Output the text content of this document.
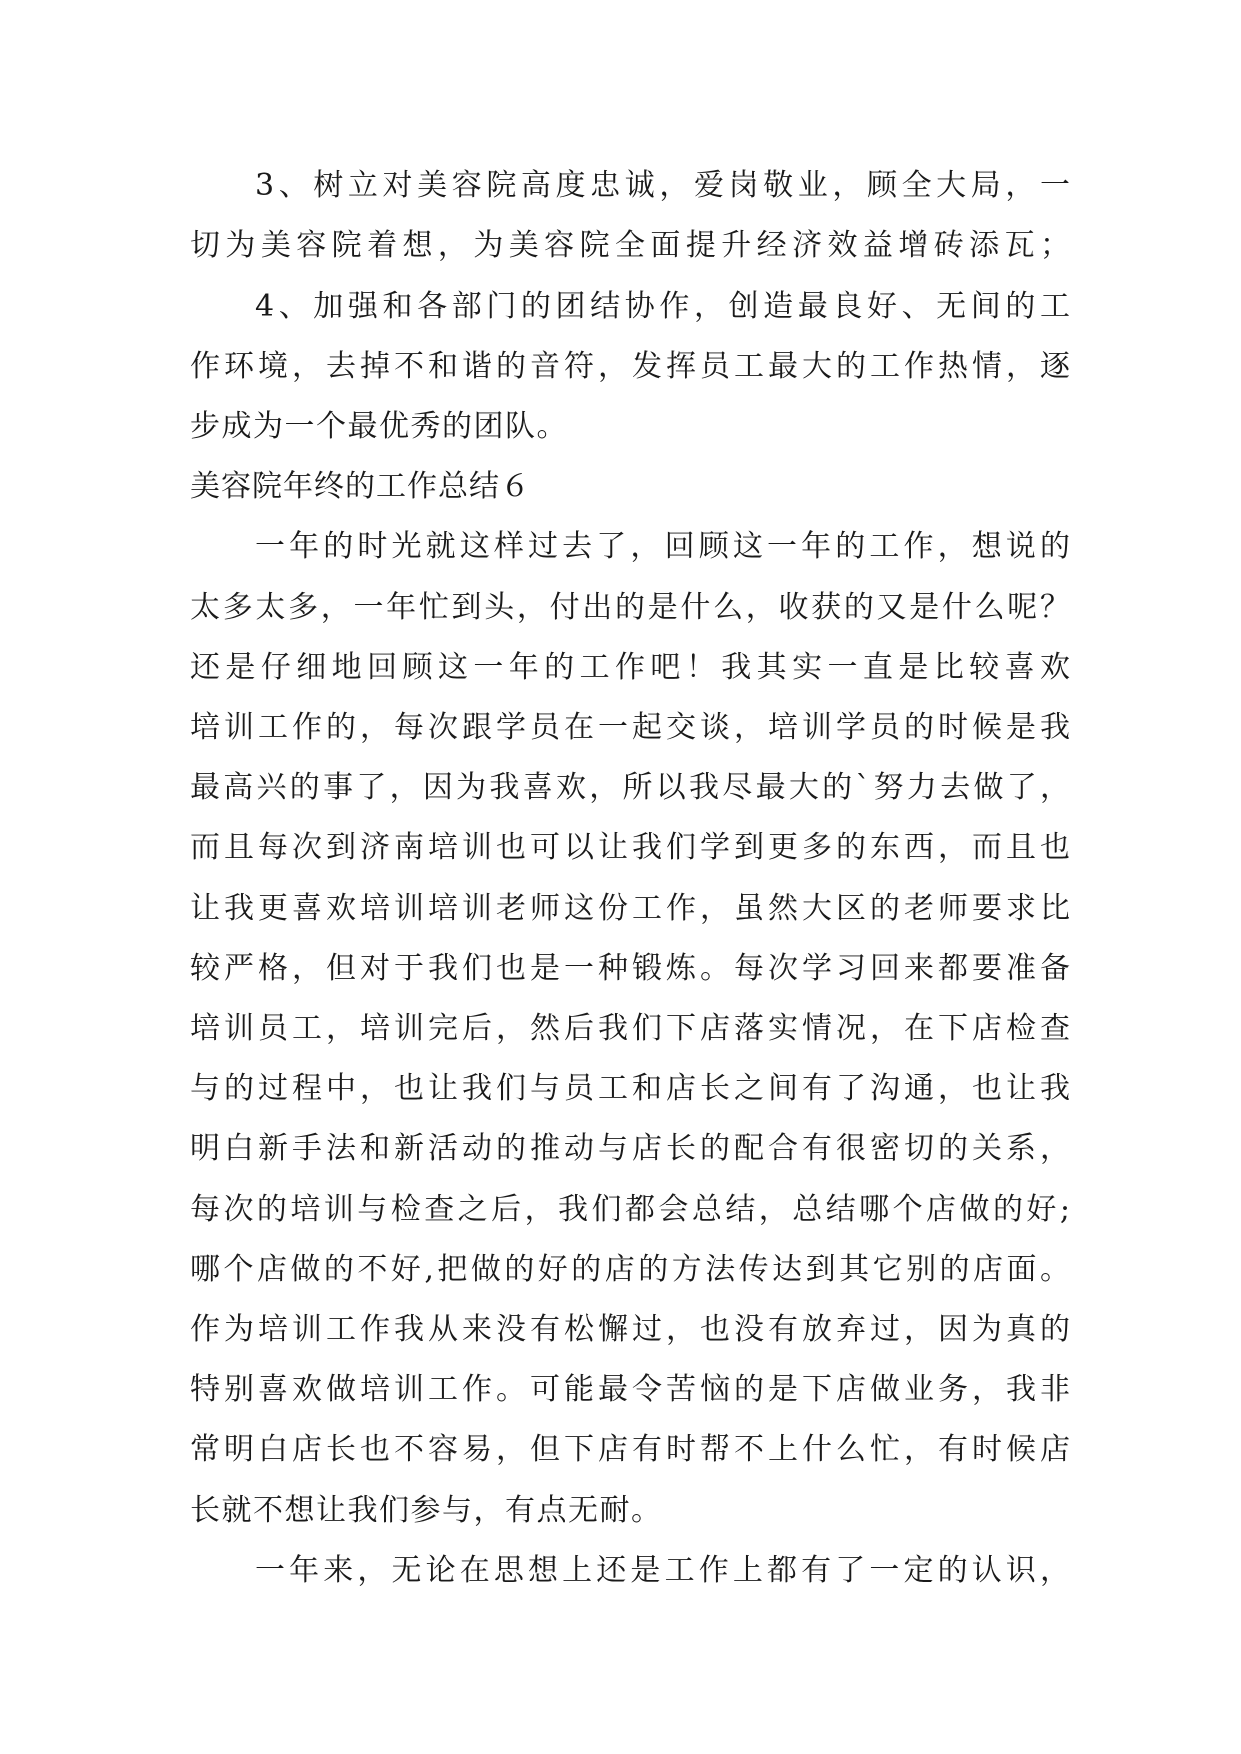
3、树立对美容院高度忠诚，爱岗敬业，顾全大局，一
切为美容院着想，为美容院全面提升经济效益增砖添瓦；
4、加强和各部门的团结协作，创造最良好、无间的工
作环境，去掉不和谐的音符，发挥员工最大的工作热情，逐
步成为一个最优秀的团队。
美容院年终的工作总结６
一年的时光就这样过去了，回顾这一年的工作，想说的
太多太多，一年忙到头，付出的是什么，收获的又是什么呢？
还是仔细地回顾这一年的工作吧！我其实一直是比较喜欢
培训工作的，每次跟学员在一起交谈，培训学员的时候是我
最高兴的事了，因为我喜欢，所以我尽最大的`努力去做了，
而且每次到济南培训也可以让我们学到更多的东西，而且也
让我更喜欢培训培训老师这份工作，虽然大区的老师要求比
较严格，但对于我们也是一种锻炼。每次学习回来都要准备
培训员工，培训完后，然后我们下店落实情况，在下店检查
与的过程中，也让我们与员工和店长之间有了沟通，也让我
明白新手法和新活动的推动与店长的配合有很密切的关系，
每次的培训与检查之后，我们都会总结，总结哪个店做的好;
哪个店做的不好,把做的好的店的方法传达到其它别的店面。
作为培训工作我从来没有松懈过，也没有放弃过，因为真的
特别喜欢做培训工作。可能最令苦恼的是下店做业务，我非
常明白店长也不容易，但下店有时帮不上什么忙，有时候店
长就不想让我们参与，有点无耐。
一年来，无论在思想上还是工作上都有了一定的认识，
